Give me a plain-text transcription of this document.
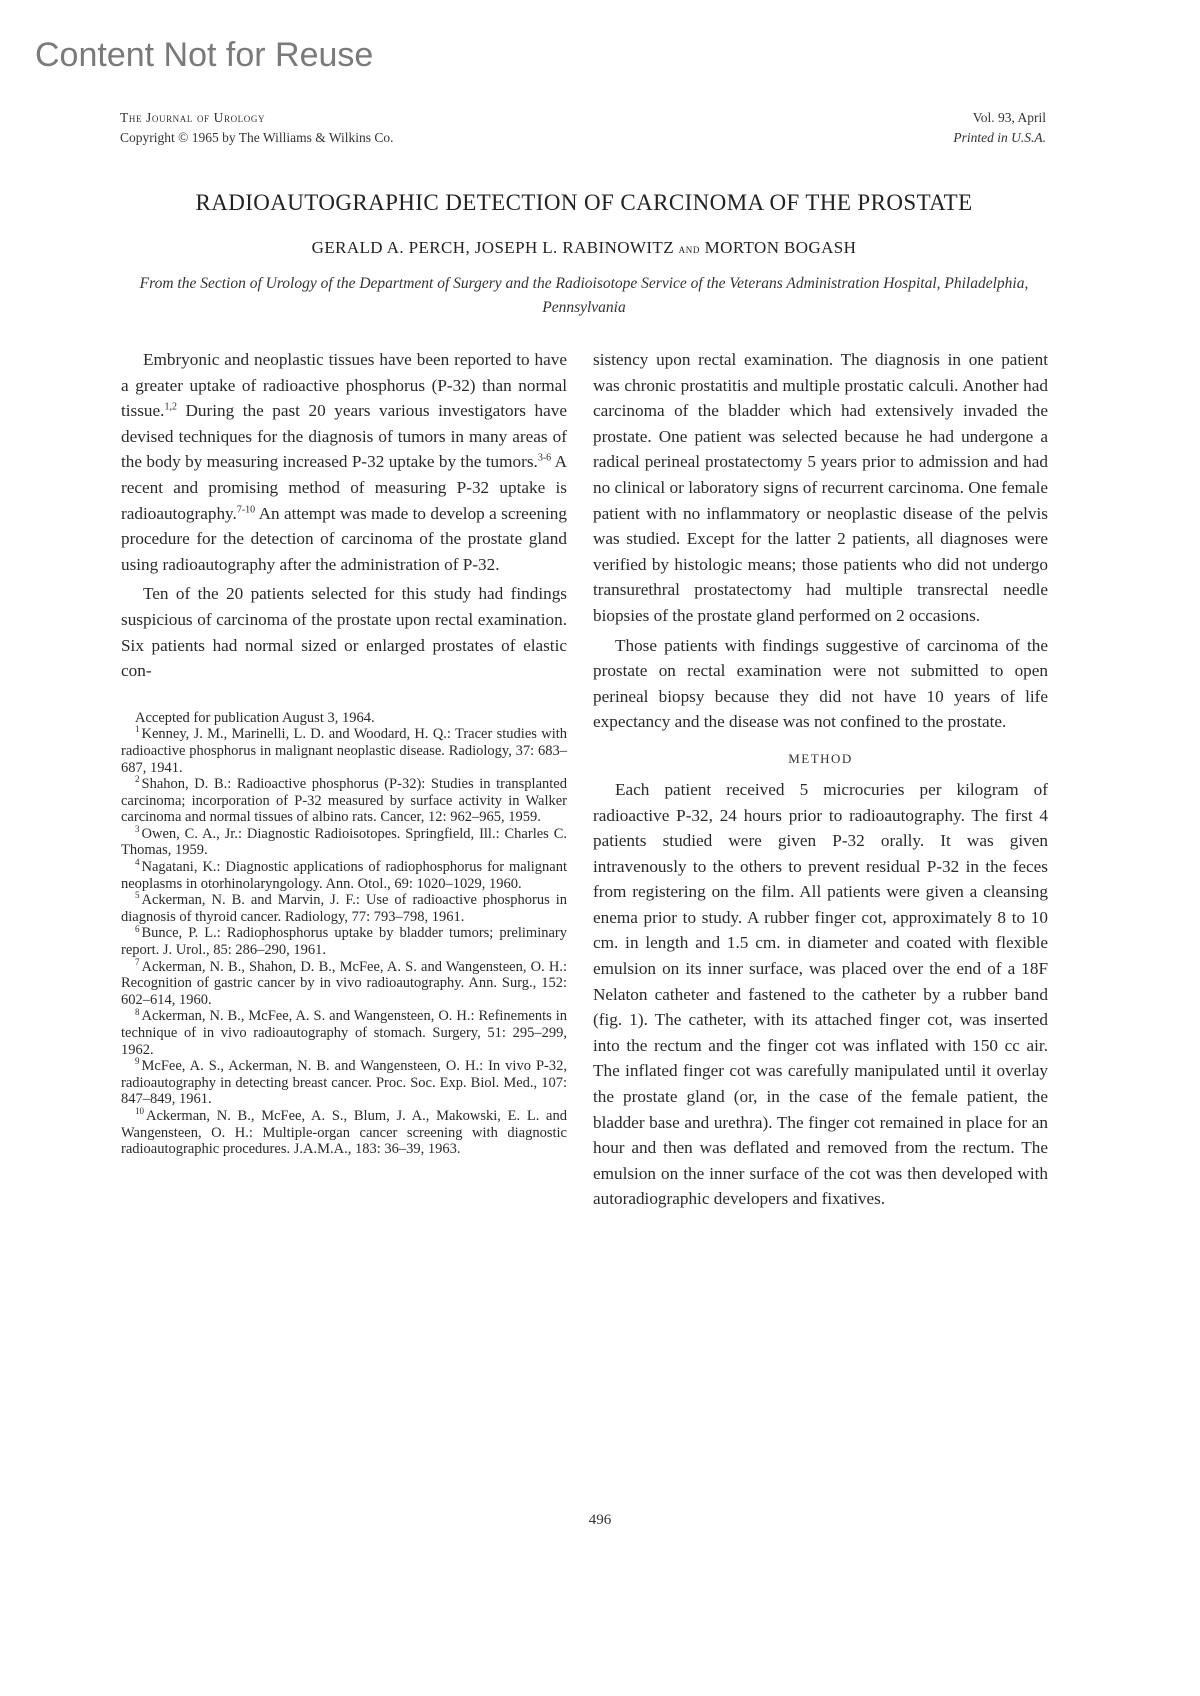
Content Not for Reuse
The Journal of Urology
Copyright © 1965 by The Williams & Wilkins Co.
Vol. 93, April
Printed in U.S.A.
RADIOAUTOGRAPHIC DETECTION OF CARCINOMA OF THE PROSTATE
GERALD A. PERCH, JOSEPH L. RABINOWITZ and MORTON BOGASH
From the Section of Urology of the Department of Surgery and the Radioisotope Service of the Veterans Administration Hospital, Philadelphia, Pennsylvania

Embryonic and neoplastic tissues have been reported to have a greater uptake of radioactive phosphorus (P-32) than normal tissue.$^{1,2}$ During the past 20 years various investigators have devised techniques for the diagnosis of tumors in many areas of the body by measuring increased P-32 uptake by the tumors.$^{3-6}$ A recent and promising method of measuring P-32 uptake is radioautography.$^{7-10}$ An attempt was made to develop a screening procedure for the detection of carcinoma of the prostate gland using radioautography after the administration of P-32.

Ten of the 20 patients selected for this study had findings suspicious of carcinoma of the prostate upon rectal examination. Six patients had normal sized or enlarged prostates of elastic con-

Accepted for publication August 3, 1964.

$^1$ Kenney, J. M., Marinelli, L. D. and Woodard, H. Q.: Tracer studies with radioactive phosphorus in malignant neoplastic disease. Radiology, 37: 683–687, 1941.

$^2$ Shahon, D. B.: Radioactive phosphorus (P-32): Studies in transplanted carcinoma; incorporation of P-32 measured by surface activity in Walker carcinoma and normal tissues of albino rats. Cancer, 12: 962–965, 1959.

$^3$ Owen, C. A., Jr.: Diagnostic Radioisotopes. Springfield, Ill.: Charles C. Thomas, 1959.

$^4$ Nagatani, K.: Diagnostic applications of radiophosphorus for malignant neoplasms in otorhinolaryngology. Ann. Otol., 69: 1020–1029, 1960.

$^5$ Ackerman, N. B. and Marvin, J. F.: Use of radioactive phosphorus in diagnosis of thyroid cancer. Radiology, 77: 793–798, 1961.

$^6$ Bunce, P. L.: Radiophosphorus uptake by bladder tumors; preliminary report. J. Urol., 85: 286–290, 1961.

$^7$ Ackerman, N. B., Shahon, D. B., McFee, A. S. and Wangensteen, O. H.: Recognition of gastric cancer by in vivo radioautography. Ann. Surg., 152: 602–614, 1960.

$^8$ Ackerman, N. B., McFee, A. S. and Wangensteen, O. H.: Refinements in technique of in vivo radioautography of stomach. Surgery, 51: 295–299, 1962.

$^9$ McFee, A. S., Ackerman, N. B. and Wangensteen, O. H.: In vivo P-32, radioautography in detecting breast cancer. Proc. Soc. Exp. Biol. Med., 107: 847–849, 1961.

$^{10}$ Ackerman, N. B., McFee, A. S., Blum, J. A., Makowski, E. L. and Wangensteen, O. H.: Multiple-organ cancer screening with diagnostic radioautographic procedures. J.A.M.A., 183: 36–39, 1963.

sistency upon rectal examination. The diagnosis in one patient was chronic prostatitis and multiple prostatic calculi. Another had carcinoma of the bladder which had extensively invaded the prostate. One patient was selected because he had undergone a radical perineal prostatectomy 5 years prior to admission and had no clinical or laboratory signs of recurrent carcinoma. One female patient with no inflammatory or neoplastic disease of the pelvis was studied. Except for the latter 2 patients, all diagnoses were verified by histologic means; those patients who did not undergo transurethral prostatectomy had multiple transrectal needle biopsies of the prostate gland performed on 2 occasions.

Those patients with findings suggestive of carcinoma of the prostate on rectal examination were not submitted to open perineal biopsy because they did not have 10 years of life expectancy and the disease was not confined to the prostate.

METHOD

Each patient received 5 microcuries per kilogram of radioactive P-32, 24 hours prior to radioautography. The first 4 patients studied were given P-32 orally. It was given intravenously to the others to prevent residual P-32 in the feces from registering on the film. All patients were given a cleansing enema prior to study. A rubber finger cot, approximately 8 to 10 cm. in length and 1.5 cm. in diameter and coated with flexible emulsion on its inner surface, was placed over the end of a 18F Nelaton catheter and fastened to the catheter by a rubber band (fig. 1). The catheter, with its attached finger cot, was inserted into the rectum and the finger cot was inflated with 150 cc air. The inflated finger cot was carefully manipulated until it overlay the prostate gland (or, in the case of the female patient, the bladder base and urethra). The finger cot remained in place for an hour and then was deflated and removed from the rectum. The emulsion on the inner surface of the cot was then developed with autoradiographic developers and fixatives.

496
